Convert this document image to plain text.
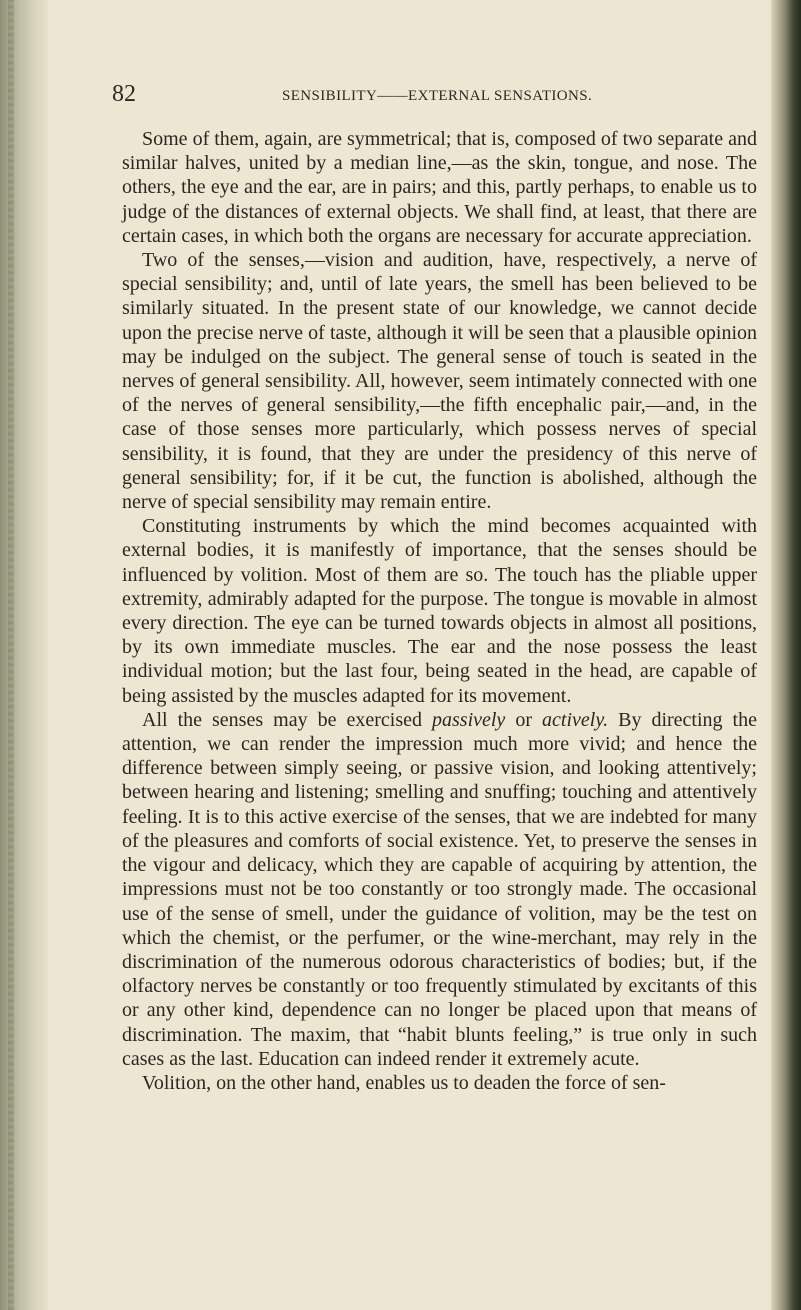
82	SENSIBILITY——EXTERNAL SENSATIONS.

Some of them, again, are symmetrical; that is, composed of two separate and similar halves, united by a median line,—as the skin, tongue, and nose. The others, the eye and the ear, are in pairs; and this, partly perhaps, to enable us to judge of the distances of external objects. We shall find, at least, that there are certain cases, in which both the organs are necessary for accurate appreciation.

Two of the senses,—vision and audition, have, respectively, a nerve of special sensibility; and, until of late years, the smell has been believed to be similarly situated. In the present state of our knowledge, we cannot decide upon the precise nerve of taste, although it will be seen that a plausible opinion may be indulged on the subject. The general sense of touch is seated in the nerves of general sensibility. All, however, seem intimately connected with one of the nerves of general sensibility,—the fifth encephalic pair,—and, in the case of those senses more particularly, which possess nerves of special sensibility, it is found, that they are under the presidency of this nerve of general sensibility; for, if it be cut, the function is abolished, although the nerve of special sensibility may remain entire.

Constituting instruments by which the mind becomes acquainted with external bodies, it is manifestly of importance, that the senses should be influenced by volition. Most of them are so. The touch has the pliable upper extremity, admirably adapted for the purpose. The tongue is movable in almost every direction. The eye can be turned towards objects in almost all positions, by its own immediate muscles. The ear and the nose possess the least individual motion; but the last four, being seated in the head, are capable of being assisted by the muscles adapted for its movement.

All the senses may be exercised passively or actively. By directing the attention, we can render the impression much more vivid; and hence the difference between simply seeing, or passive vision, and looking attentively; between hearing and listening; smelling and snuffing; touching and attentively feeling. It is to this active exercise of the senses, that we are indebted for many of the pleasures and comforts of social existence. Yet, to preserve the senses in the vigour and delicacy, which they are capable of acquiring by attention, the impressions must not be too constantly or too strongly made. The occasional use of the sense of smell, under the guidance of volition, may be the test on which the chemist, or the perfumer, or the wine-merchant, may rely in the discrimination of the numerous odorous characteristics of bodies; but, if the olfactory nerves be constantly or too frequently stimulated by excitants of this or any other kind, dependence can no longer be placed upon that means of discrimination. The maxim, that “habit blunts feeling,” is true only in such cases as the last. Education can indeed render it extremely acute.

Volition, on the other hand, enables us to deaden the force of sen-
